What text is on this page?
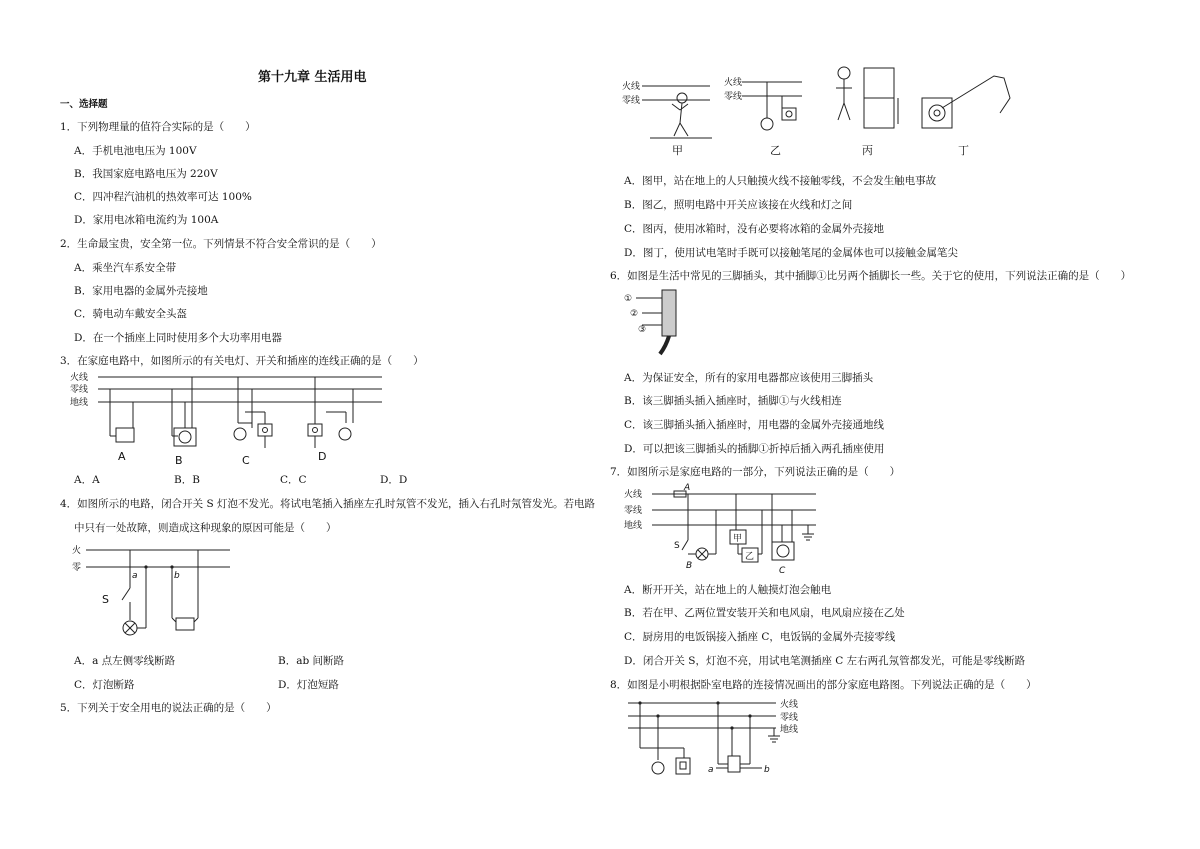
第十九章 生活用电
一、选择题
1．下列物理量的值符合实际的是（　　）
A．手机电池电压为 100V
B．我国家庭电路电压为 220V
C．四冲程汽油机的热效率可达 100%
D．家用电冰箱电流约为 100A
2．生命最宝贵，安全第一位。下列情景不符合安全常识的是（　　）
A．乘坐汽车系安全带
B．家用电器的金属外壳接地
C．骑电动车戴安全头盔
D．在一个插座上同时使用多个大功率用电器
3．在家庭电路中，如图所示的有关电灯、开关和插座的连线正确的是（　　）
火线
零线
地线
A	B	C	D
A．A	B．B	C．C	D．D
4．如图所示的电路，闭合开关 S 灯泡不发光。将试电笔插入插座左孔时氖管不发光，插入右孔时氖管发光。若电路
中只有一处故障，则造成这种现象的原因可能是（　　）
火
零
a	b
S
A．a 点左侧零线断路	B．ab 间断路
C．灯泡断路	D．灯泡短路
5．下列关于安全用电的说法正确的是（　　）
火线
零线
火线
零线
甲	乙	丙	丁
A．图甲，站在地上的人只触摸火线不接触零线，不会发生触电事故
B．图乙，照明电路中开关应该接在火线和灯之间
C．图丙，使用冰箱时，没有必要将冰箱的金属外壳接地
D．图丁，使用试电笔时手既可以接触笔尾的金属体也可以接触金属笔尖
6．如图是生活中常见的三脚插头，其中插脚①比另两个插脚长一些。关于它的使用，下列说法正确的是（　　）
①
②
③
A．为保证安全，所有的家用电器都应该使用三脚插头
B．该三脚插头插入插座时，插脚①与火线相连
C．该三脚插头插入插座时，用电器的金属外壳接通地线
D．可以把该三脚插头的插脚①折掉后插入两孔插座使用
7．如图所示是家庭电路的一部分，下列说法正确的是（　　）
火线
零线
地线
A
S
B
甲
乙
C
A．断开开关，站在地上的人触摸灯泡会触电
B．若在甲、乙两位置安装开关和电风扇，电风扇应接在乙处
C．厨房用的电饭锅接入插座 C，电饭锅的金属外壳接零线
D．闭合开关 S，灯泡不亮，用试电笔测插座 C 左右两孔氖管都发光，可能是零线断路
8．如图是小明根据卧室电路的连接情况画出的部分家庭电路图。下列说法正确的是（　　）
火线
零线
地线
a	b
